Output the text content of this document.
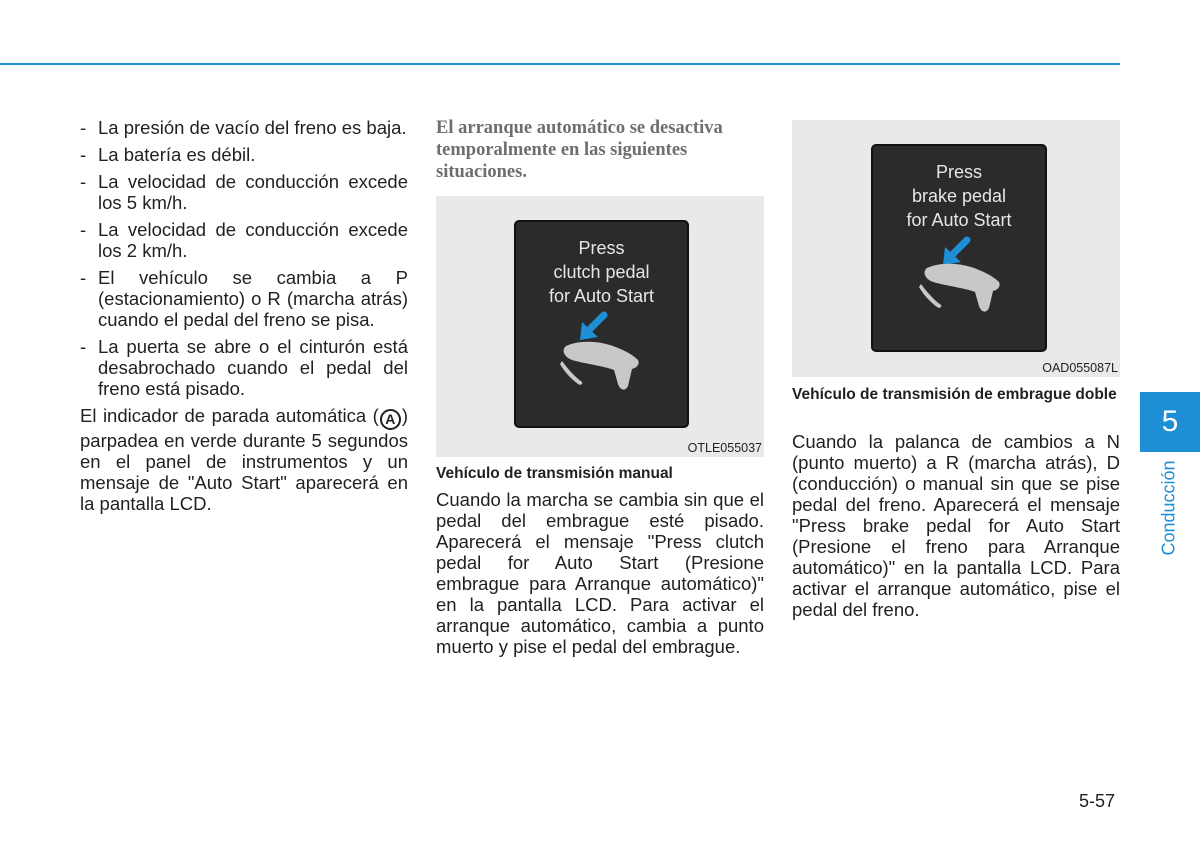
- La presión de vacío del freno es baja.
- La batería es débil.
- La velocidad de conducción excede los 5 km/h.
- La velocidad de conducción excede los 2 km/h.
- El vehículo se cambia a P (estacionamiento) o R (marcha atrás) cuando el pedal del freno se pisa.
- La puerta se abre o el cinturón está desabrochado cuando el pedal del freno está pisado.

El indicador de parada automática ( A ) parpadea en verde durante 5 segundos en el panel de instrumentos y un mensaje de "Auto Start" aparecerá en la pantalla LCD.

El arranque automático se desactiva temporalmente en las siguientes situaciones.

Press
clutch pedal
for Auto Start
OTLE055037

Vehículo de transmisión manual

Cuando la marcha se cambia sin que el pedal del embrague esté pisado. Aparecerá el mensaje "Press clutch pedal for Auto Start (Presione embrague para Arranque automático)" en la pantalla LCD. Para activar el arranque automático, cambia a punto muerto y pise el pedal del embrague.

Press
brake pedal
for Auto Start
OAD055087L

Vehículo de transmisión de embrague doble

Cuando la palanca de cambios a N (punto muerto) a R (marcha atrás), D (conducción) o manual sin que se pise pedal del freno. Aparecerá el mensaje "Press brake pedal for Auto Start (Presione el freno para Arranque automático)" en la pantalla LCD. Para activar el arranque automático, pise el pedal del freno.

5
Conducción
5-57
